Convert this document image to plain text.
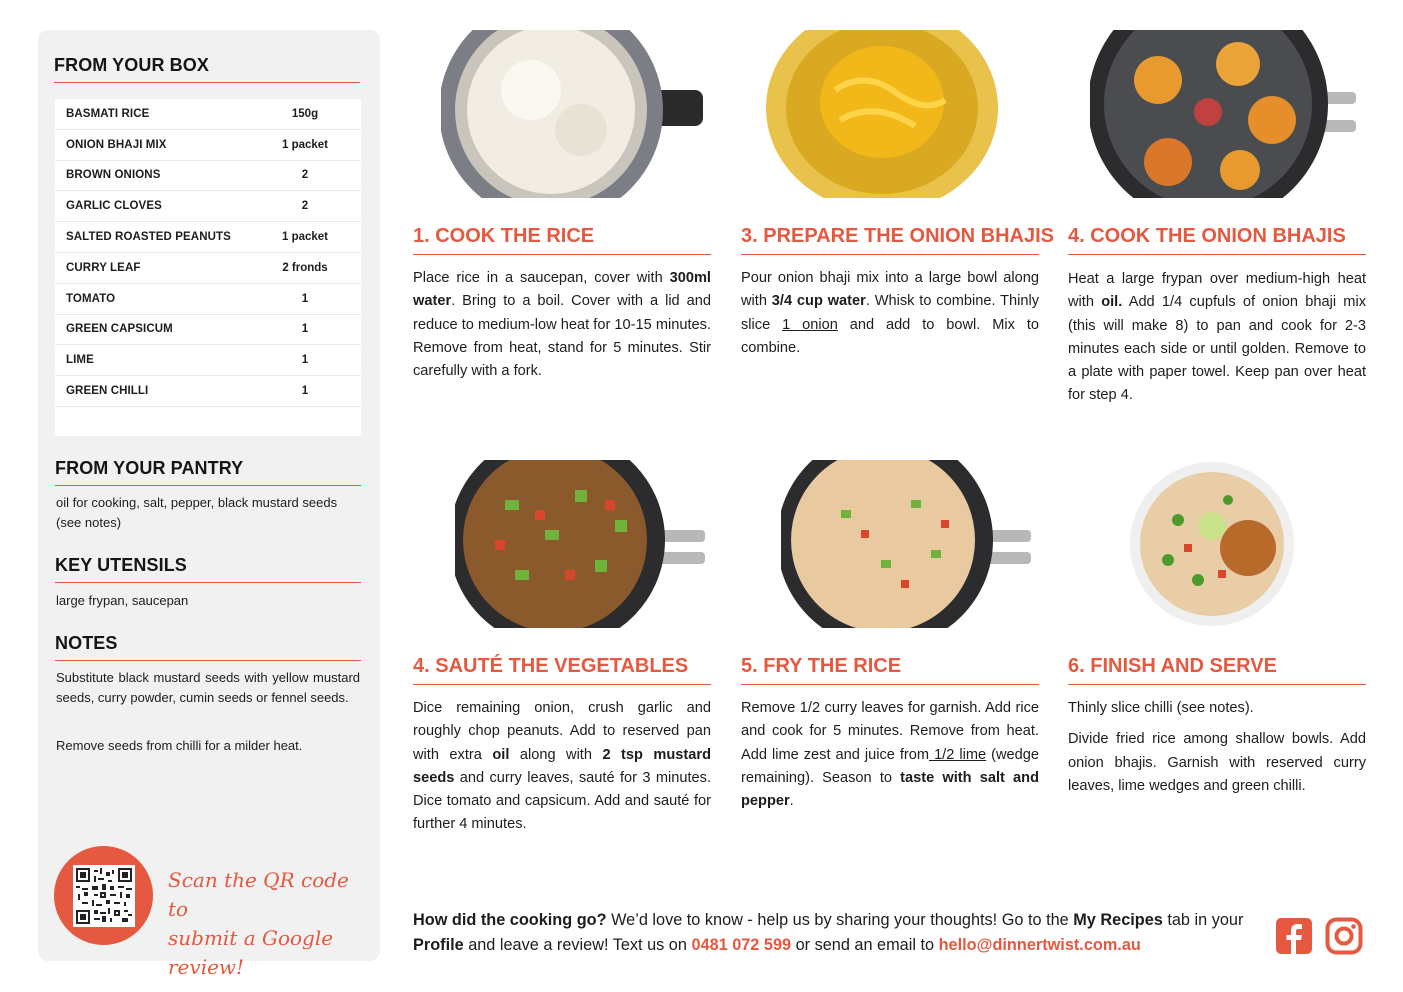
FROM YOUR BOX
BASMATI RICE	150g
ONION BHAJI MIX	1 packet
BROWN ONIONS	2
GARLIC CLOVES	2
SALTED ROASTED PEANUTS	1 packet
CURRY LEAF	2 fronds
TOMATO	1
GREEN CAPSICUM	1
LIME	1
GREEN CHILLI	1
FROM YOUR PANTRY
oil for cooking, salt, pepper, black mustard seeds (see notes)
KEY UTENSILS
large frypan, saucepan
NOTES
Substitute black mustard seeds with yellow mustard seeds, curry powder, cumin seeds or fennel seeds.
Remove seeds from chilli for a milder heat.
Scan the QR code to
submit a Google review!
1. COOK THE RICE

Place rice in a saucepan, cover with 300ml water. Bring to a boil. Cover with a lid and reduce to medium-low heat for 10-15 minutes. Remove from heat, stand for 5 minutes. Stir carefully with a fork.

3. PREPARE THE ONION BHAJIS

Pour onion bhaji mix into a large bowl along with 3/4 cup water. Whisk to combine. Thinly slice 1 onion and add to bowl. Mix to combine.

4. COOK THE ONION BHAJIS

Heat a large frypan over medium-high heat with oil. Add 1/4 cupfuls of onion bhaji mix (this will make 8) to pan and cook for 2-3 minutes each side or until golden. Remove to a plate with paper towel. Keep pan over heat for step 4.

4. SAUTÉ THE VEGETABLES

Dice remaining onion, crush garlic and roughly chop peanuts. Add to reserved pan with extra oil along with 2 tsp mustard seeds and curry leaves, sauté for 3 minutes. Dice tomato and capsicum. Add and sauté for further 4 minutes.

5. FRY THE RICE

Remove 1/2 curry leaves for garnish. Add rice and cook for 5 minutes. Remove from heat. Add lime zest and juice from 1/2 lime (wedge remaining). Season to taste with salt and pepper.

6. FINISH AND SERVE

Thinly slice chilli (see notes).

Divide fried rice among shallow bowls. Add onion bhajis. Garnish with reserved curry leaves, lime wedges and green chilli.

How did the cooking go? We’d love to know - help us by sharing your thoughts! Go to the My Recipes tab in your Profile and leave a review! Text us on 0481 072 599 or send an email to hello@dinnertwist.com.au
